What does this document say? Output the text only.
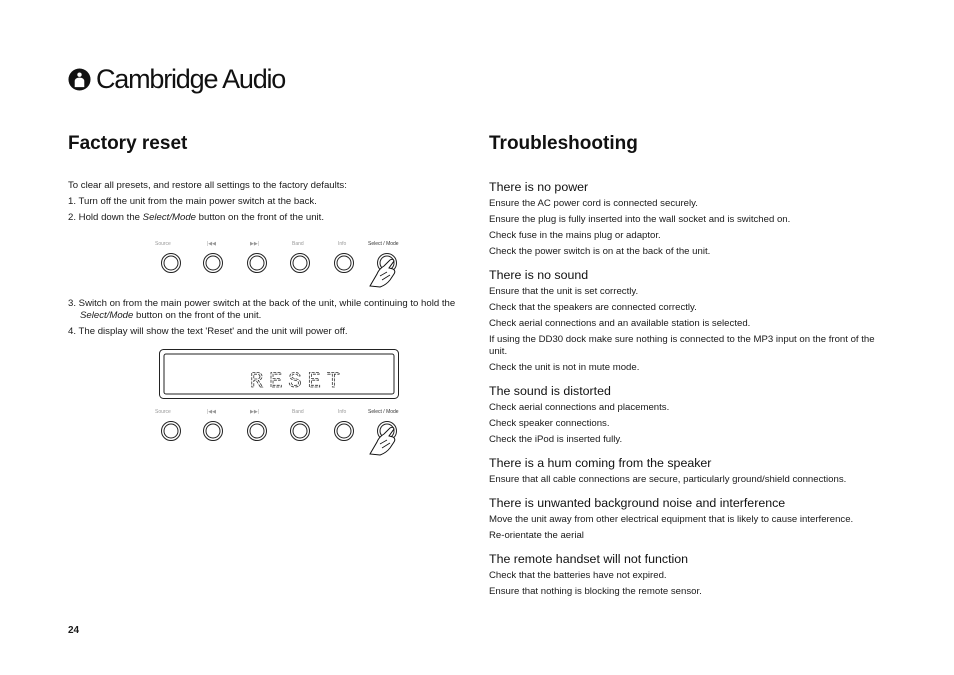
Cambridge Audio
Factory reset

To clear all presets, and restore all settings to the factory defaults:

1. Turn off the unit from the main power switch at the back.

2. Hold down the Select/Mode button on the front of the unit.

Source	|◀◀	▶▶|	Band	Info	Select / Mode

3. Switch on from the main power switch at the back of the unit, while continuing to hold the Select/Mode button on the front of the unit.

4. The display will show the text 'Reset' and the unit will power off.

RESET
Source	|◀◀	▶▶|	Band	Info	Select / Mode
Troubleshooting
There is no power

Ensure the AC power cord is connected securely.

Ensure the plug is fully inserted into the wall socket and is switched on.

Check fuse in the mains plug or adaptor.

Check the power switch is on at the back of the unit.

There is no sound

Ensure that the unit is set correctly.

Check that the speakers are connected correctly.

Check aerial connections and an available station is selected.

If using the DD30 dock make sure nothing is connected to the MP3 input on the front of the unit.

Check the unit is not in mute mode.

The sound is distorted

Check aerial connections and placements.

Check speaker connections.

Check the iPod is inserted fully.

There is a hum coming from the speaker

Ensure that all cable connections are secure, particularly ground/shield connections.

There is unwanted background noise and interference

Move the unit away from other electrical equipment that is likely to cause interference.

Re-orientate the aerial

The remote handset will not function

Check that the batteries have not expired.

Ensure that nothing is blocking the remote sensor.

24
